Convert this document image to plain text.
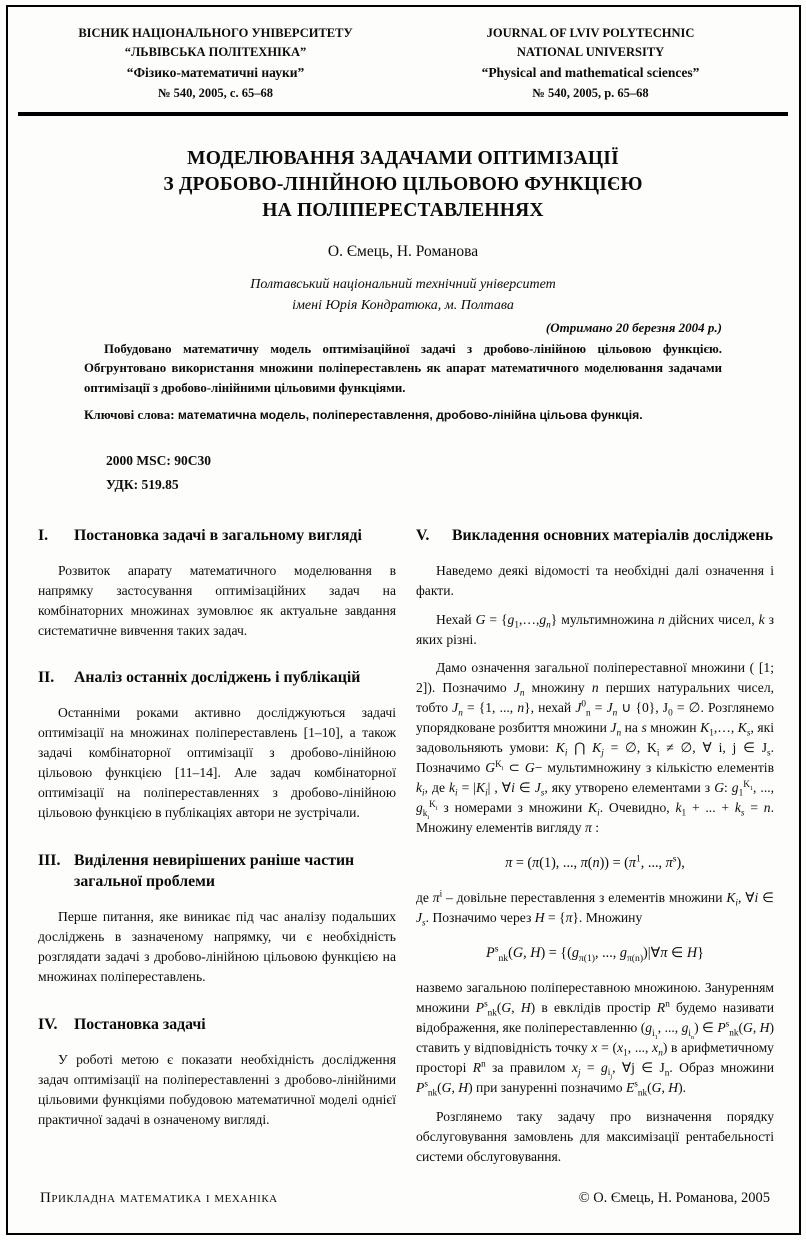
ВІСНИК НАЦІОНАЛЬНОГО УНІВЕРСИТЕТУ
“ЛЬВІВСЬКА ПОЛІТЕХНІКА”
“Фізико-математичні науки”
№ 540, 2005, с. 65–68
JOURNAL OF LVIV POLYTECHNIC
NATIONAL UNIVERSITY
“Physical and mathematical sciences”
№ 540, 2005, p. 65–68
МОДЕЛЮВАННЯ ЗАДАЧАМИ ОПТИМІЗАЦІЇ
З ДРОБОВО-ЛІНІЙНОЮ ЦІЛЬОВОЮ ФУНКЦІЄЮ
НА ПОЛІПЕРЕСТАВЛЕННЯХ
О. Ємець, Н. Романова
Полтавський національний технічний університет
імені Юрія Кондратюка, м. Полтава
(Отримано 20 березня 2004 р.)
Побудовано математичну модель оптимізаційної задачі з дробово-лінійною цільовою функцією. Обгрунтовано використання множини поліпереставлень як апарат математичного моделювання задачами оптимізації з дробово-лінійними цільовими функціями.
Ключові слова: математична модель, поліпереставлення, дробово-лінійна цільова функція.
2000 MSC: 90C30
УДК: 519.85
I.	Постановка задачі в загальному вигляді

Розвиток апарату математичного моделювання в напрямку застосування оптимізаційних задач на комбінаторних множинах зумовлює як актуальне завдання систематичне вивчення таких задач.

II.	Аналіз останніх досліджень і публікацій

Останніми роками активно досліджуються задачі оптимізації на множинах поліпереставлень [1–10], а також задачі комбінаторної оптимізації з дробово-лінійною цільовою функцією [11–14]. Але задач комбінаторної оптимізації на поліпереставленнях з дробово-лінійною цільовою функцією в публікаціях автори не зустрічали.

III. Виділення невирішених раніше частин загальної проблеми

Перше питання, яке виникає під час аналізу подальших досліджень в зазначеному напрямку, чи є необхідність розглядати задачі з дробово-лінійною цільовою функцією на множинах поліпереставлень.

IV.	Постановка задачі

У роботі метою є показати необхідність дослідження задач оптимізації на поліпереставленні з дробово-лінійними цільовими функціями побудовою математичної моделі однієї практичної задачі в означеному вигляді.

V.	Викладення основних матеріалів досліджень

Наведемо деякі відомості та необхідні далі означення і факти.

Нехай $G = \{g_1,\dots,g_n\}$ мультимножина n дійсних чисел, k з яких різні.

Дамо означення загальної поліпереставної множини ( [1; 2]). Позначимо $J_n$ множину n перших натуральних чисел, тобто $J_n = \{1$, ..., n}, нехай $J^0_n = J_n$ ∪ {0}, $J_0$ = ∅. Розглянемо упорядковане розбиття множини $J_n$ на s множин $K_1,\dots$, $K_s$, які задовольняють умови: $K_i$ ⋂ $K_j$ = ∅, $K_i$ ≠ ∅, ∀ i, j ∈ $J_s$. Позначимо $G^{K_i}$ ⊂ G− мультимножину з кількістю елементів $k_i$, де $k_i = |K_i|$ , ∀i ∈ $J_s$, яку утворено елементами з G: $g_1^{K_1}$, ..., $g_{k_i}^{K_i}$ з номерами з множини $K_i$. Очевидно, $k_1$ + ... + $k_s = n$. Множину елементів вигляду π :

π = (π(1), ..., $\pi(n)) = (\pi^1$, ..., $\pi^s$),

де $\pi^i$ – довільне переставлення з елементів множини $K_i$, ∀i ∈ $J_s$. Позначимо через H = {π}. Множину

$P^s_{nk}(G$, $H) = \{(g_{\pi(1)}$, ..., $g_{\pi(n)})|\forall\pi$ ∈ H}

назвемо загальною поліпереставною множиною. Зануренням множини $P^s_{nk}(G$, H) в евклідів простір $R^n$ будемо називати відображення, яке поліпереставленню ($g_{i_1}$, ..., $g_{i_n}$) ∈ $P^s_{nk}(G$, H) ставить у відповідність точку $x = (x_1$, ..., $x_n$) в арифметичному просторі $R^n$ за правилом $x_j = g_{i_j}$, ∀j ∈ $J_n$. Образ множини $P^s_{nk}(G$, H) при зануренні позначимо $E^s_{nk}(G$, H).

Розглянемо таку задачу про визначення порядку обслуговування замовлень для максимізації рентабельності системи обслуговування.

Прикладна математика і механіка	© О. Ємець, Н. Романова, 2005
